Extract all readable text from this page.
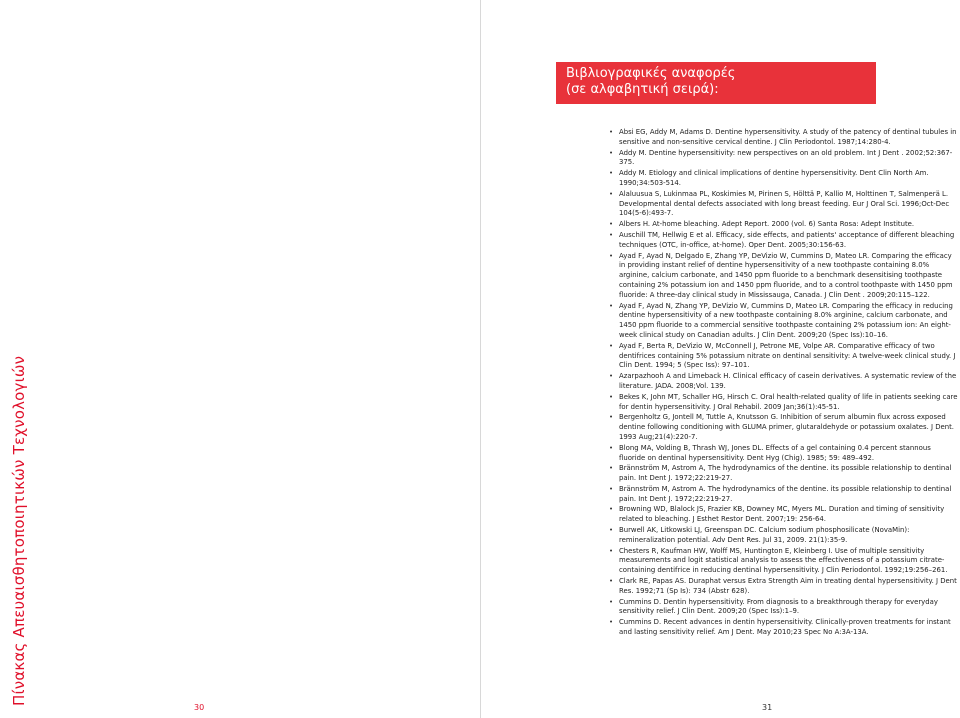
Πίνακας Απευαισθητοποιητικών Τεχνολογιών
30
Βιβλιογραφικές αναφορές
(σε αλφαβητική σειρά):
• Absi EG, Addy M, Adams D. Dentine hypersensitivity. A study of the patency of dentinal tubules in sensitive and non-sensitive cervical dentine. J Clin Periodontol. 1987;14:280-4.
• Addy M. Dentine hypersensitivity: new perspectives on an old problem. Int J Dent . 2002;52:367-375.
• Addy M. Etiology and clinical implications of dentine hypersensitivity. Dent Clin North Am. 1990;34:503-514.
• Alaluusua S, Lukinmaa PL, Koskimies M, Pirinen S, Hölttä P, Kallio M, Holttinen T, Salmenperä L. Developmental dental defects associated with long breast feeding. Eur J Oral Sci. 1996;Oct-Dec 104(5-6):493-7.
• Albers H. At-home bleaching. Adept Report. 2000 (vol. 6) Santa Rosa: Adept Institute.
• Auschill TM, Hellwig E et al. Efficacy, side effects, and patients' acceptance of different bleaching techniques (OTC, in-office, at-home). Oper Dent. 2005;30:156-63.
• Ayad F, Ayad N, Delgado E, Zhang YP, DeVizio W, Cummins D, Mateo LR. Comparing the efficacy in providing instant relief of dentine hypersensitivity of a new toothpaste containing 8.0% arginine, calcium carbonate, and 1450 ppm fluoride to a benchmark desensitising toothpaste containing 2% potassium ion and 1450 ppm fluoride, and to a control toothpaste with 1450 ppm fluoride: A three-day clinical study in Mississauga, Canada. J Clin Dent . 2009;20:115–122.
• Ayad F, Ayad N, Zhang YP, DeVizio W, Cummins D, Mateo LR. Comparing the efficacy in reducing dentine hypersensitivity of a new toothpaste containing 8.0% arginine, calcium carbonate, and 1450 ppm fluoride to a commercial sensitive toothpaste containing 2% potassium ion: An eight-week clinical study on Canadian adults. J Clin Dent. 2009;20 (Spec Iss):10–16.
• Ayad F, Berta R, DeVizio W, McConnell J, Petrone ME, Volpe AR. Comparative efficacy of two dentifrices containing 5% potassium nitrate on dentinal sensitivity: A twelve-week clinical study. J Clin Dent. 1994; 5 (Spec Iss): 97–101.
• Azarpazhooh A and Limeback H. Clinical efficacy of casein derivatives. A systematic review of the literature. JADA. 2008;Vol. 139.
• Bekes K, John MT, Schaller HG, Hirsch C. Oral health-related quality of life in patients seeking care for dentin hypersensitivity. J Oral Rehabil. 2009 Jan;36(1):45-51.
• Bergenholtz G, Jontell M, Tuttle A, Knutsson G. Inhibition of serum albumin flux across exposed dentine following conditioning with GLUMA primer, glutaraldehyde or potassium oxalates. J Dent. 1993 Aug;21(4):220-7.
• Blong MA, Volding B, Thrash WJ, Jones DL. Effects of a gel containing 0.4 percent stannous fluoride on dentinal hypersensitivity. Dent Hyg (Chig). 1985; 59: 489–492.
• Brännström M, Astrom A, The hydrodynamics of the dentine. its possible relationship to dentinal pain. Int Dent J. 1972;22:219-27.
• Brännström M, Astrom A. The hydrodynamics of the dentine. its possible relationship to dentinal pain. Int Dent J. 1972;22:219-27.
• Browning WD, Blalock JS, Frazier KB, Downey MC, Myers ML. Duration and timing of sensitivity related to bleaching. J Esthet Restor Dent. 2007;19: 256-64.
• Burwell AK, Litkowski LJ, Greenspan DC. Calcium sodium phosphosilicate (NovaMin): remineralization potential. Adv Dent Res. Jul 31, 2009. 21(1):35-9.
• Chesters R, Kaufman HW, Wolff MS, Huntington E, Kleinberg I. Use of multiple sensitivity measurements and logit statistical analysis to assess the effectiveness of a potassium citrate-containing dentifrice in reducing dentinal hypersensitivity. J Clin Periodontol. 1992;19:256–261.
• Clark RE, Papas AS. Duraphat versus Extra Strength Aim in treating dental hypersensitivity. J Dent Res. 1992;71 (Sp Is): 734 (Abstr 628).
• Cummins D. Dentin hypersensitivity. From diagnosis to a breakthrough therapy for everyday sensitivity relief. J Clin Dent. 2009;20 (Spec Iss):1–9.
• Cummins D. Recent advances in dentin hypersensitivity. Clinically-proven treatments for instant and lasting sensitivity relief. Am J Dent. May 2010;23 Spec No A:3A-13A.
31
